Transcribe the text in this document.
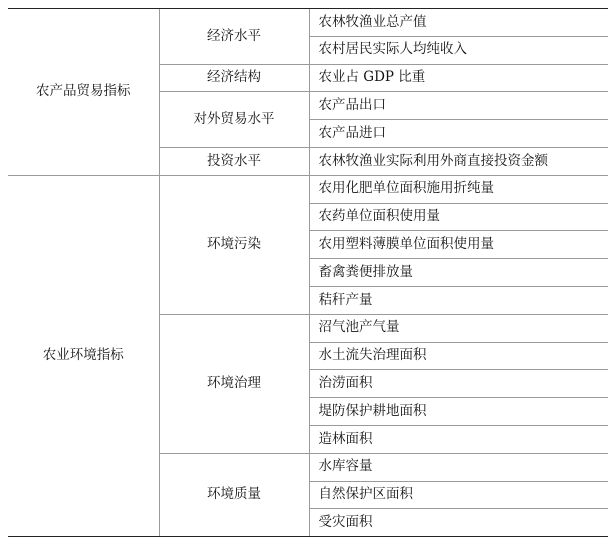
农产品贸易指标	经济水平	农林牧渔业总产值
		农村居民实际人均纯收入
	经济结构	农业占 GDP 比重
	对外贸易水平	农产品出口
		农产品进口
	投资水平	农林牧渔业实际利用外商直接投资金额
农业环境指标	环境污染	农用化肥单位面积施用折纯量
		农药单位面积使用量
		农用塑料薄膜单位面积使用量
		畜禽粪便排放量
		秸秆产量
	环境治理	沼气池产气量
		水土流失治理面积
		治涝面积
		堤防保护耕地面积
		造林面积
	环境质量	水库容量
		自然保护区面积
		受灾面积
